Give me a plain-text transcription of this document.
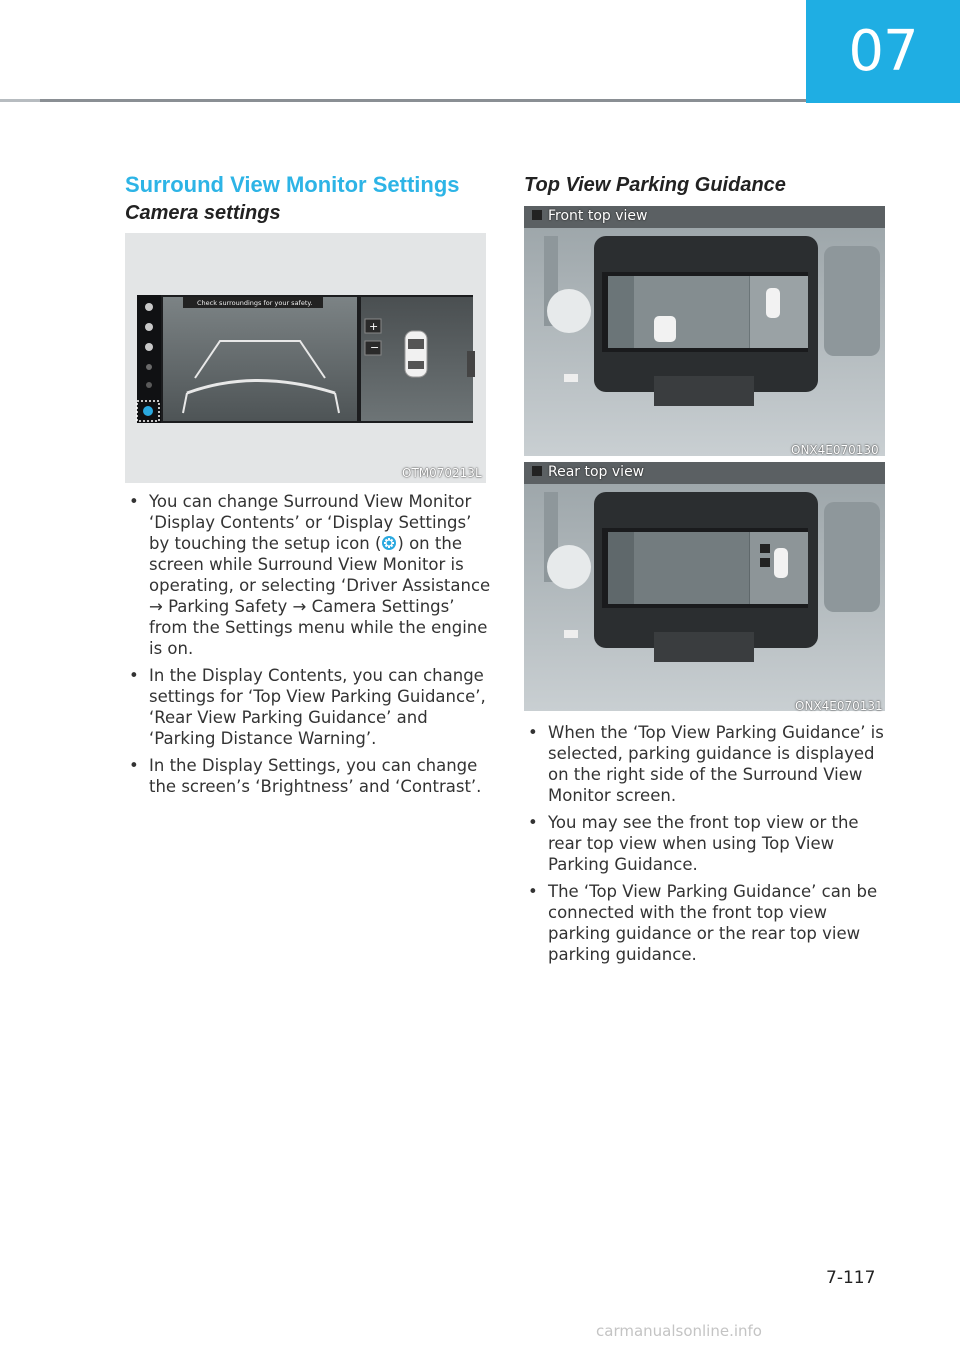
07
Surround View Monitor Settings
Camera settings
Check surroundings for your safety.
+
−
OTM070213L
• You can change Surround View Monitor ‘Display Contents’ or ‘Display Settings’ by touching the setup icon ( ) on the screen while Surround View Monitor is operating, or selecting ‘Driver Assistance → Parking Safety → Camera Settings’ from the Settings menu while the engine is on.
• In the Display Contents, you can change settings for ‘Top View Parking Guidance’, ‘Rear View Parking Guidance’ and ‘Parking Distance Warning’.
• In the Display Settings, you can change the screen’s ‘Brightness’ and ‘Contrast’.
Top View Parking Guidance
Front top view
ONX4E070130
Rear top view
ONX4E070131
• When the ‘Top View Parking Guidance’ is selected, parking guidance is displayed on the right side of the Surround View Monitor screen.
• You may see the front top view or the rear top view when using Top View Parking Guidance.
• The ‘Top View Parking Guidance’ can be connected with the front top view parking guidance or the rear top view parking guidance.
7-117
carmanualsonline.info
